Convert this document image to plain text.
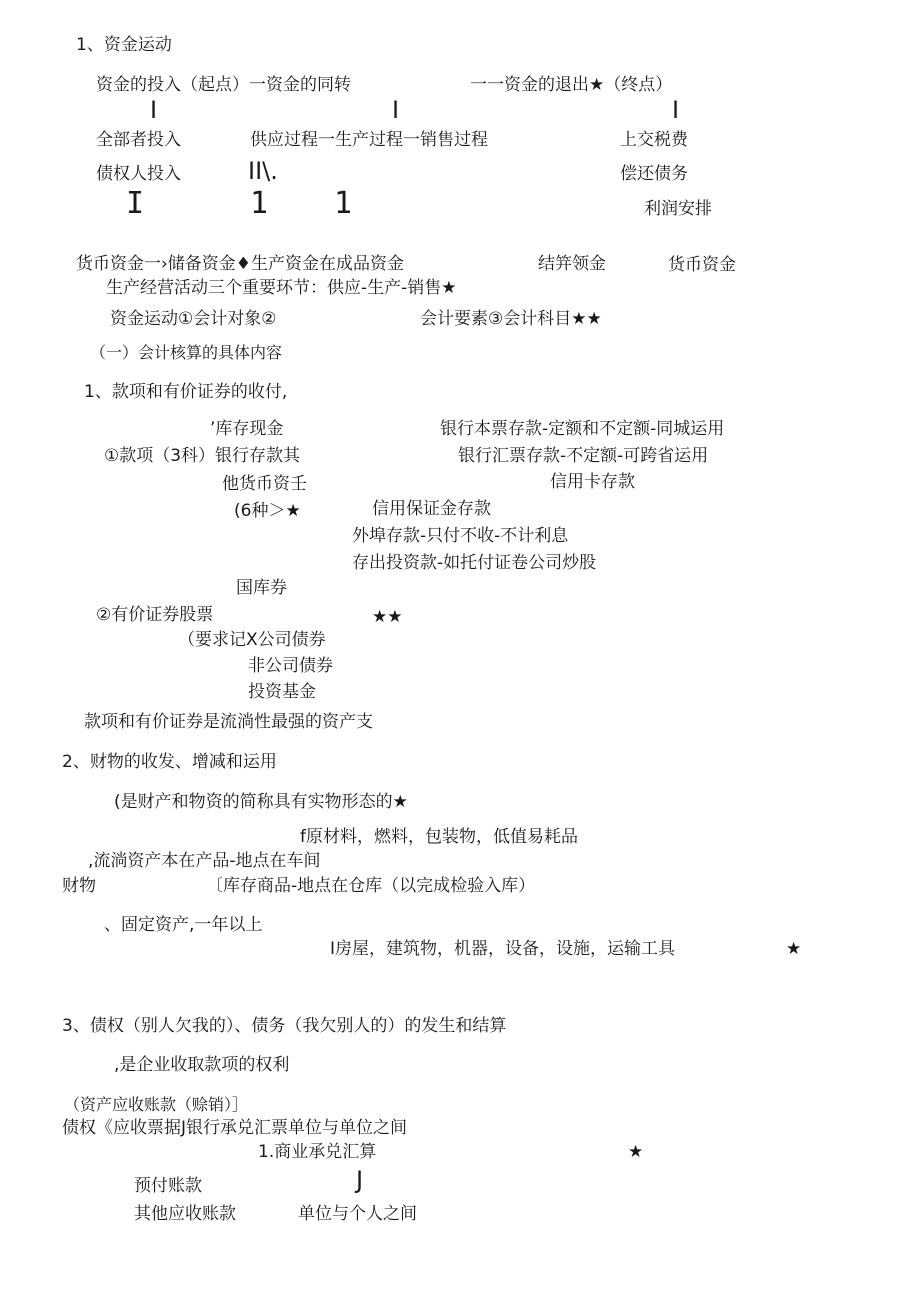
1、资金运动
资金的投入（起点）一资金的同转	一一资金的退出★（终点）
I	I	I
全部者投入	供应过程一生产过程一销售过程	上交税费
债权人投入	II\.	偿还债务
I	1 1	利润安排
货币资金一›储备资金♦生产资金在成品资金	结笄领金	货币资金
生产经营活动三个重要环节：供应-生产-销售★
资金运动①会计对象②	会计要素③会计科目★★
（一）会计核算的具体内容
1、款项和有价证券的收付,
’库存现金	银行本票存款-定额和不定额-同城运用
①款项（3科）银行存款其	银行汇票存款-不定额-可跨省运用
他货币资壬	信用卡存款
(6种＞★	信用保证金存款
外埠存款-只付不收-不计利息
存出投资款-如托付证卷公司炒股
国库券
②有价证券股票	★★
（要求记X公司债券
非公司债券
投资基金
款项和有价证券是流淌性最强的资产支
2、财物的收发、增减和运用
(是财产和物资的简称具有实物形态的★
f原材料，燃料，包装物，低值易耗品
,流淌资产本在产品-地点在车间
财物	〔库存商品-地点在仓库（以完成检验入库）
、固定资产,一年以上
I房屋，建筑物，机器，设备，设施，运输工具	★
3、债权（别人欠我的）、债务（我欠别人的）的发生和结算
,是企业收取款项的权利
（资产应收账款（赊销）］
债权《应收票据J银行承兑汇票单位与单位之间
1.商业承兑汇算	★
预付账款	J
其他应收账款	单位与个人之间
